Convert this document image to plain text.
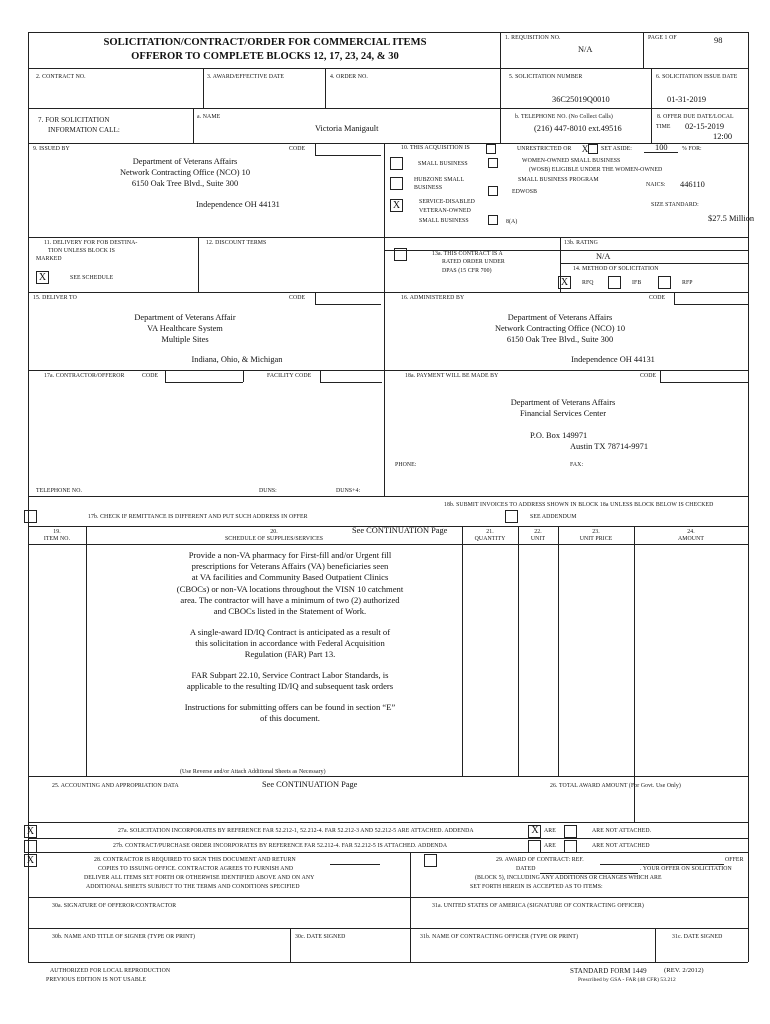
SOLICITATION/CONTRACT/ORDER FOR COMMERCIAL ITEMS
OFFEROR TO COMPLETE BLOCKS 12, 17, 23, 24, & 30
1. REQUISITION NO.
N/A
PAGE 1 OF	98
2. CONTRACT NO.	3. AWARD/EFFECTIVE DATE	4. ORDER NO.	5. SOLICITATION NUMBER
36C25019Q0010
6. SOLICITATION ISSUE DATE
01-31-2019
7. FOR SOLICITATION
INFORMATION CALL:
a. NAME
Victoria Manigault
b. TELEPHONE NO. (No Collect Calls)
(216) 447-8010 ext.49516
8. OFFER DUE DATE/LOCAL
TIME 02-15-2019
12:00
9. ISSUED BY	CODE
Department of Veterans Affairs
Network Contracting Office (NCO) 10
6150 Oak Tree Blvd., Suite 300
Independence OH 44131
10. THIS ACQUISITION IS	UNRESTRICTED OR X	SET ASIDE:	100 % FOR:
SMALL BUSINESS
HUBZONE SMALL
BUSINESS
X	SERVICE-DISABLED
VETERAN-OWNED
SMALL BUSINESS
WOMEN-OWNED SMALL BUSINESS
(WOSB) ELIGIBLE UNDER THE WOMEN-OWNED
SMALL BUSINESS PROGRAM
EDWOSB
8(A)
NAICS: 446110
SIZE STANDARD:
$27.5 Million
11. DELIVERY FOR FOB DESTINA-
TION UNLESS BLOCK IS
MARKED
X	SEE SCHEDULE
12. DISCOUNT TERMS
13a. THIS CONTRACT IS A
RATED ORDER UNDER
DPAS (15 CFR 700)
13b. RATING
N/A
14. METHOD OF SOLICITATION
X	RFQ	IFB	RFP
15. DELIVER TO	CODE
Department of Veterans Affair
VA Healthcare System
Multiple Sites
Indiana, Ohio, & Michigan
16. ADMINISTERED BY	CODE
Department of Veterans Affairs
Network Contracting Office (NCO) 10
6150 Oak Tree Blvd., Suite 300
Independence OH 44131
17a. CONTRACTOR/OFFEROR	CODE	FACILITY CODE
TELEPHONE NO.	DUNS:	DUNS+4:
17b. CHECK IF REMITTANCE IS DIFFERENT AND PUT SUCH ADDRESS IN OFFER
18a. PAYMENT WILL BE MADE BY	CODE
Department of Veterans Affairs
Financial Services Center
P.O. Box 149971
Austin TX 78714-9971
PHONE:	FAX:
18b. SUBMIT INVOICES TO ADDRESS SHOWN IN BLOCK 18a UNLESS BLOCK BELOW IS CHECKED
SEE ADDENDUM
19.
ITEM NO.
20.
SCHEDULE OF SUPPLIES/SERVICES
See CONTINUATION Page	21.
QUANTITY
22.
UNIT
23.
UNIT PRICE
24.
AMOUNT
Provide a non-VA pharmacy for First-fill and/or Urgent fill
prescriptions for Veterans Affairs (VA) beneficiaries seen
at VA facilities and Community Based Outpatient Clinics
(CBOCs) or non-VA locations throughout the VISN 10 catchment
area. The contractor will have a minimum of two (2) authorized
and CBOCs listed in the Statement of Work.
A single-award ID/IQ Contract is anticipated as a result of
this solicitation in accordance with Federal Acquisition
Regulation (FAR) Part 13.
FAR Subpart 22.10, Service Contract Labor Standards, is
applicable to the resulting ID/IQ and subsequent task orders
Instructions for submitting offers can be found in section “E”
of this document.
(Use Reverse and/or Attach Additional Sheets as Necessary)
25. ACCOUNTING AND APPROPRIATION DATA	See CONTINUATION Page	26. TOTAL AWARD AMOUNT (For Govt. Use Only)
X	27a. SOLICITATION INCORPORATES BY REFERENCE FAR 52.212-1, 52.212-4. FAR 52.212-3 AND 52.212-5 ARE ATTACHED. ADDENDA	X ARE	ARE NOT ATTACHED.
27b. CONTRACT/PURCHASE ORDER INCORPORATES BY REFERENCE FAR 52.212-4. FAR 52.212-5 IS ATTACHED. ADDENDA	ARE	ARE NOT ATTACHED
X	28. CONTRACTOR IS REQUIRED TO SIGN THIS DOCUMENT AND RETURN
COPIES TO ISSUING OFFICE. CONTRACTOR AGREES TO FURNISH AND
DELIVER ALL ITEMS SET FORTH OR OTHERWISE IDENTIFIED ABOVE AND ON ANY
ADDITIONAL SHEETS SUBJECT TO THE TERMS AND CONDITIONS SPECIFIED
29. AWARD OF CONTRACT: REF.	OFFER
DATED	. YOUR OFFER ON SOLICITATION
(BLOCK 5), INCLUDING ANY ADDITIONS OR CHANGES WHICH ARE
SET FORTH HEREIN IS ACCEPTED AS TO ITEMS:
30a. SIGNATURE OF OFFEROR/CONTRACTOR	31a. UNITED STATES OF AMERICA (SIGNATURE OF CONTRACTING OFFICER)
30b. NAME AND TITLE OF SIGNER (TYPE OR PRINT)	30c. DATE SIGNED	31b. NAME OF CONTRACTING OFFICER (TYPE OR PRINT)	31c. DATE SIGNED
AUTHORIZED FOR LOCAL REPRODUCTION
PREVIOUS EDITION IS NOT USABLE
STANDARD FORM 1449	(REV. 2/2012)
Prescribed by GSA - FAR (48 CFR) 53.212
